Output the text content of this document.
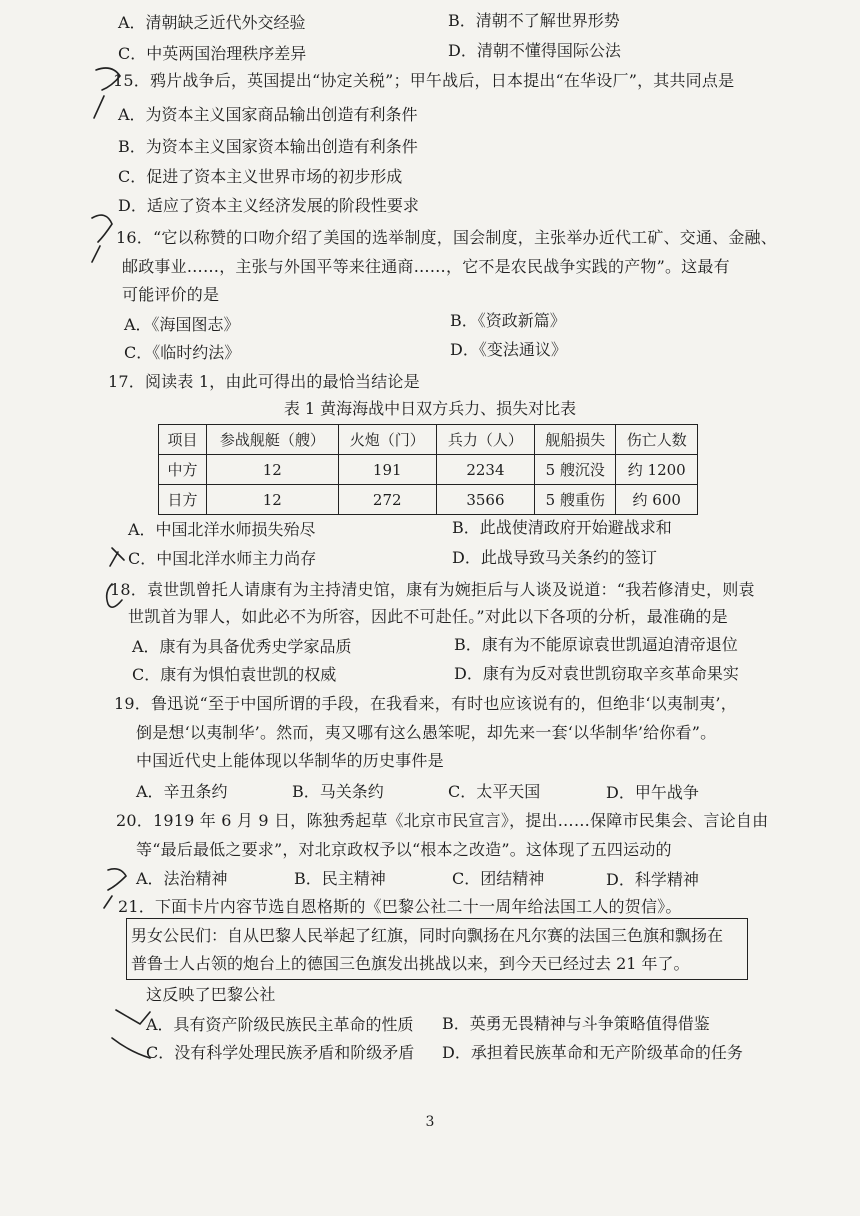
A．清朝缺乏近代外交经验	B．清朝不了解世界形势
C．中英两国治理秩序差异	D．清朝不懂得国际公法
15．鸦片战争后，英国提出“协定关税”；甲午战后，日本提出“在华设厂”，其共同点是
A．为资本主义国家商品输出创造有利条件
B．为资本主义国家资本输出创造有利条件
C．促进了资本主义世界市场的初步形成
D．适应了资本主义经济发展的阶段性要求
16．“它以称赞的口吻介绍了美国的选举制度，国会制度，主张举办近代工矿、交通、金融、
邮政事业……，主张与外国平等来往通商……，它不是农民战争实践的产物”。这最有
可能评价的是
A．《海国图志》	B．《资政新篇》
C．《临时约法》	D．《变法通议》
17．阅读表 1，由此可得出的最恰当结论是
表 1 黄海海战中日双方兵力、损失对比表
项目	参战舰艇（艘）	火炮（门）	兵力（人）	舰船损失	伤亡人数
中方	12	191	2234	5 艘沉没	约 1200
日方	12	272	3566	5 艘重伤	约 600
A．中国北洋水师损失殆尽	B．此战使清政府开始避战求和
C．中国北洋水师主力尚存	D．此战导致马关条约的签订
18．袁世凯曾托人请康有为主持清史馆，康有为婉拒后与人谈及说道：“我若修清史，则袁
世凯首为罪人，如此必不为所容，因此不可赴任。”对此以下各项的分析，最准确的是
A．康有为具备优秀史学家品质	B．康有为不能原谅袁世凯逼迫清帝退位
C．康有为惧怕袁世凯的权威	D．康有为反对袁世凯窃取辛亥革命果实
19．鲁迅说“至于中国所谓的手段，在我看来，有时也应该说有的，但绝非‘以夷制夷’，
倒是想‘以夷制华’。然而，夷又哪有这么愚笨呢，却先来一套‘以华制华’给你看”。
中国近代史上能体现以华制华的历史事件是
A．辛丑条约	B．马关条约	C．太平天国	D．甲午战争
20．1919 年 6 月 9 日，陈独秀起草《北京市民宣言》，提出……保障市民集会、言论自由
等“最后最低之要求”，对北京政权予以“根本之改造”。这体现了五四运动的
A．法治精神	B．民主精神	C．团结精神	D．科学精神
21．下面卡片内容节选自恩格斯的《巴黎公社二十一周年给法国工人的贺信》。
男女公民们：自从巴黎人民举起了红旗，同时向飘扬在凡尔赛的法国三色旗和飘扬在
普鲁士人占领的炮台上的德国三色旗发出挑战以来，到今天已经过去 21 年了。
这反映了巴黎公社
A．具有资产阶级民族民主革命的性质 B．英勇无畏精神与斗争策略值得借鉴
C．没有科学处理民族矛盾和阶级矛盾 D．承担着民族革命和无产阶级革命的任务
3
